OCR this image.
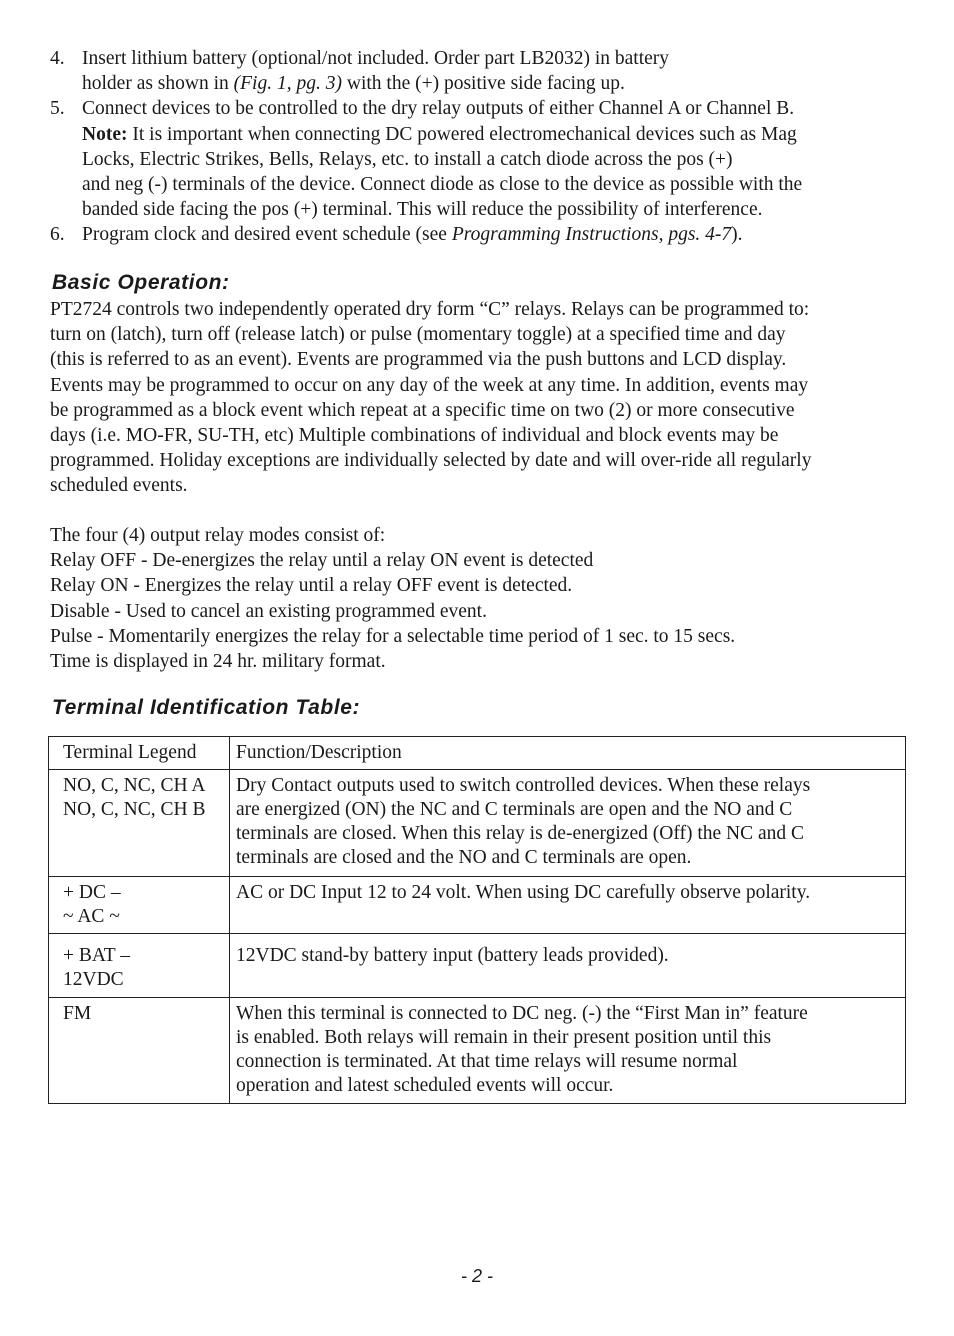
4. Insert lithium battery (optional/not included. Order part LB2032) in battery
holder as shown in (Fig. 1, pg. 3) with the (+) positive side facing up.
5. Connect devices to be controlled to the dry relay outputs of either Channel A or Channel B.
Note: It is important when connecting DC powered electromechanical devices such as Mag
Locks, Electric Strikes, Bells, Relays, etc. to install a catch diode across the pos (+)
and neg (-) terminals of the device. Connect diode as close to the device as possible with the
banded side facing the pos (+) terminal. This will reduce the possibility of interference.
6. Program clock and desired event schedule (see Programming Instructions, pgs. 4-7).
Basic Operation:
PT2724 controls two independently operated dry form “C” relays. Relays can be programmed to:
turn on (latch), turn off (release latch) or pulse (momentary toggle) at a specified time and day
(this is referred to as an event). Events are programmed via the push buttons and LCD display.
Events may be programmed to occur on any day of the week at any time. In addition, events may
be programmed as a block event which repeat at a specific time on two (2) or more consecutive
days (i.e. MO-FR, SU-TH, etc) Multiple combinations of individual and block events may be
programmed. Holiday exceptions are individually selected by date and will over-ride all regularly
scheduled events.
The four (4) output relay modes consist of:
Relay OFF - De-energizes the relay until a relay ON event is detected
Relay ON - Energizes the relay until a relay OFF event is detected.
Disable - Used to cancel an existing programmed event.
Pulse - Momentarily energizes the relay for a selectable time period of 1 sec. to 15 secs.
Time is displayed in 24 hr. military format.
Terminal Identification Table:
Terminal Legend	Function/Description

NO, C, NC, CH A
NO, C, NC, CH B	Dry Contact outputs used to switch controlled devices. When these relays
are energized (ON) the NC and C terminals are open and the NO and C
terminals are closed. When this relay is de-energized (Off) the NC and C
terminals are closed and the NO and C terminals are open.

+ DC –
~ AC ~	AC or DC Input 12 to 24 volt. When using DC carefully observe polarity.

+ BAT –
12VDC	12VDC stand-by battery input (battery leads provided).

FM	When this terminal is connected to DC neg. (-) the “First Man in” feature
is enabled. Both relays will remain in their present position until this
connection is terminated. At that time relays will resume normal
operation and latest scheduled events will occur.
- 2 -
